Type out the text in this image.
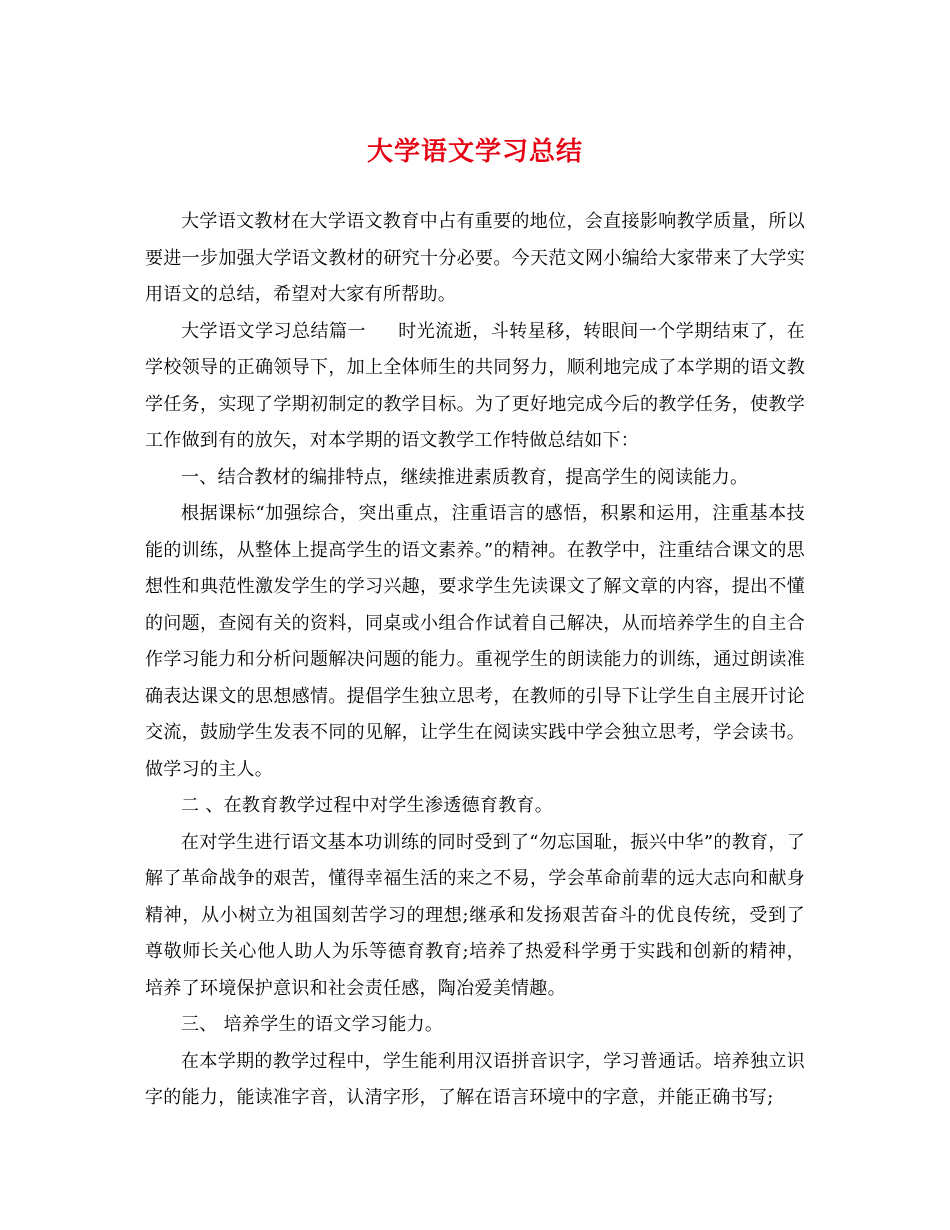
大学语文学习总结

大学语文教材在大学语文教育中占有重要的地位，会直接影响教学质量，所以要进一步加强大学语文教材的研究十分必要。今天范文网小编给大家带来了大学实用语文的总结，希望对大家有所帮助。

大学语文学习总结篇一 时光流逝，斗转星移，转眼间一个学期结束了，在学校领导的正确领导下，加上全体师生的共同努力，顺利地完成了本学期的语文教学任务，实现了学期初制定的教学目标。为了更好地完成今后的教学任务，使教学工作做到有的放矢，对本学期的语文教学工作特做总结如下：

一、结合教材的编排特点，继续推进素质教育，提高学生的阅读能力。

根据课标“加强综合，突出重点，注重语言的感悟，积累和运用，注重基本技能的训练，从整体上提高学生的语文素养。”的精神。在教学中，注重结合课文的思想性和典范性激发学生的学习兴趣，要求学生先读课文了解文章的内容，提出不懂的问题，查阅有关的资料，同桌或小组合作试着自己解决，从而培养学生的自主合作学习能力和分析问题解决问题的能力。重视学生的朗读能力的训练，通过朗读准确表达课文的思想感情。提倡学生独立思考，在教师的引导下让学生自主展开讨论交流，鼓励学生发表不同的见解，让学生在阅读实践中学会独立思考，学会读书。做学习的主人。

二 、在教育教学过程中对学生渗透德育教育。

在对学生进行语文基本功训练的同时受到了“勿忘国耻，振兴中华”的教育，了解了革命战争的艰苦，懂得幸福生活的来之不易，学会革命前辈的远大志向和献身精神，从小树立为祖国刻苦学习的理想;继承和发扬艰苦奋斗的优良传统，受到了尊敬师长关心他人助人为乐等德育教育;培养了热爱科学勇于实践和创新的精神，培养了环境保护意识和社会责任感，陶冶爱美情趣。

三、 培养学生的语文学习能力。

在本学期的教学过程中，学生能利用汉语拼音识字，学习普通话。培养独立识字的能力，能读准字音，认清字形，了解在语言环境中的字意，并能正确书写;
